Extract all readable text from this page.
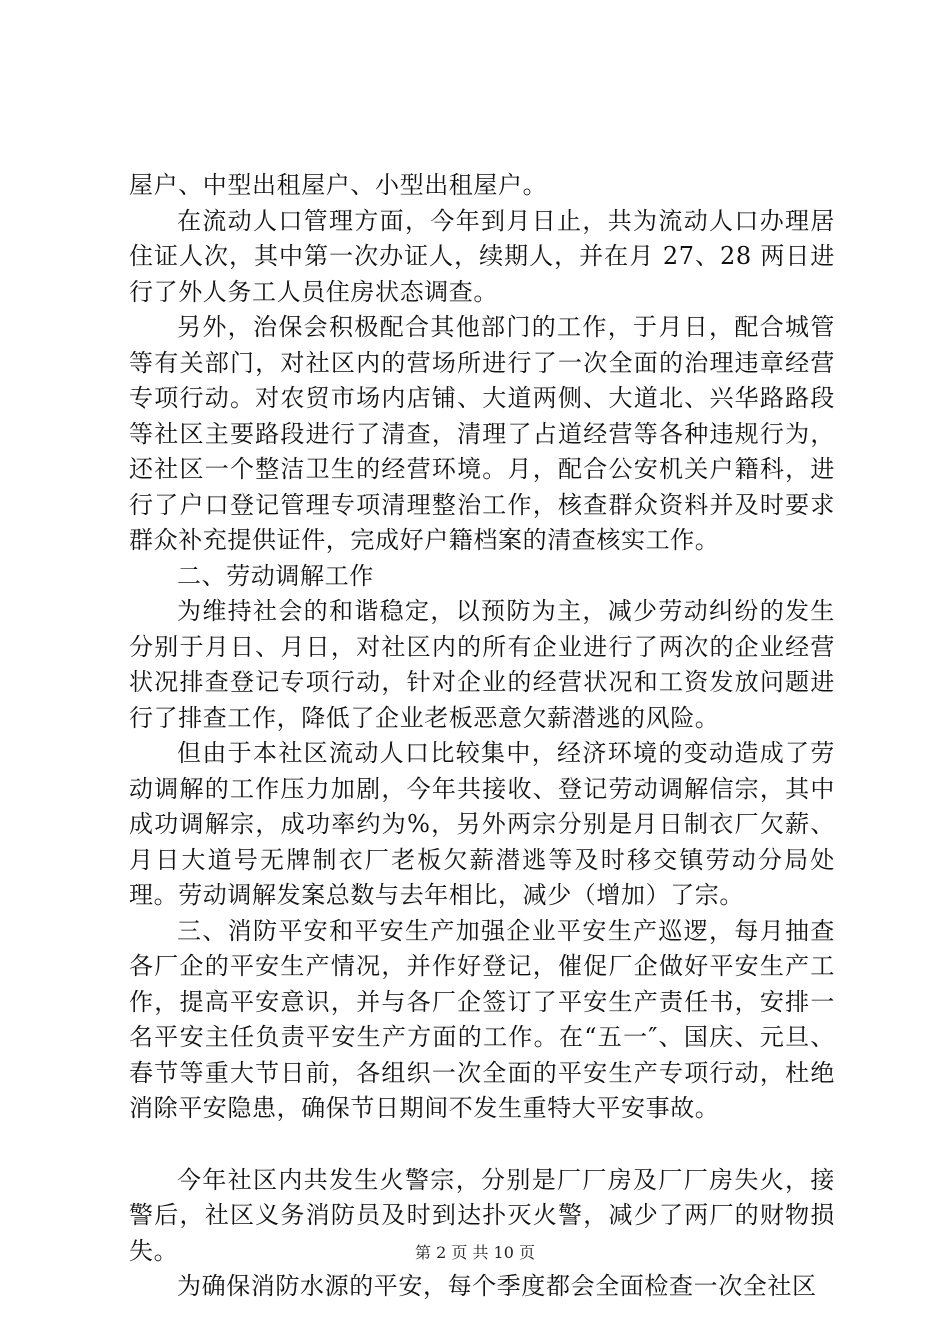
屋户、中型出租屋户、小型出租屋户。

在流动人口管理方面，今年到月日止，共为流动人口办理居住证人次，其中第一次办证人，续期人，并在月 27、28 两日进行了外人务工人员住房状态调查。

另外，治保会积极配合其他部门的工作，于月日，配合城管等有关部门，对社区内的营场所进行了一次全面的治理违章经营专项行动。对农贸市场内店铺、大道两侧、大道北、兴华路路段等社区主要路段进行了清查，清理了占道经营等各种违规行为，还社区一个整洁卫生的经营环境。月，配合公安机关户籍科，进行了户口登记管理专项清理整治工作，核查群众资料并及时要求群众补充提供证件，完成好户籍档案的清查核实工作。

二、劳动调解工作

为维持社会的和谐稳定，以预防为主，减少劳动纠纷的发生分别于月日、月日，对社区内的所有企业进行了两次的企业经营状况排查登记专项行动，针对企业的经营状况和工资发放问题进行了排查工作，降低了企业老板恶意欠薪潜逃的风险。

但由于本社区流动人口比较集中，经济环境的变动造成了劳动调解的工作压力加剧，今年共接收、登记劳动调解信宗，其中成功调解宗，成功率约为%，另外两宗分别是月日制衣厂欠薪、月日大道号无牌制衣厂老板欠薪潜逃等及时移交镇劳动分局处理。劳动调解发案总数与去年相比，减少（增加）了宗。

三、消防平安和平安生产加强企业平安生产巡逻，每月抽查各厂企的平安生产情况，并作好登记，催促厂企做好平安生产工作，提高平安意识，并与各厂企签订了平安生产责任书，安排一名平安主任负责平安生产方面的工作。在“五一″、国庆、元旦、春节等重大节日前，各组织一次全面的平安生产专项行动，杜绝消除平安隐患，确保节日期间不发生重特大平安事故。

今年社区内共发生火警宗，分别是厂厂房及厂厂房失火，接警后，社区义务消防员及时到达扑灭火警，减少了两厂的财物损失。

为确保消防水源的平安，每个季度都会全面检查一次全社区

第 2 页 共 10 页
